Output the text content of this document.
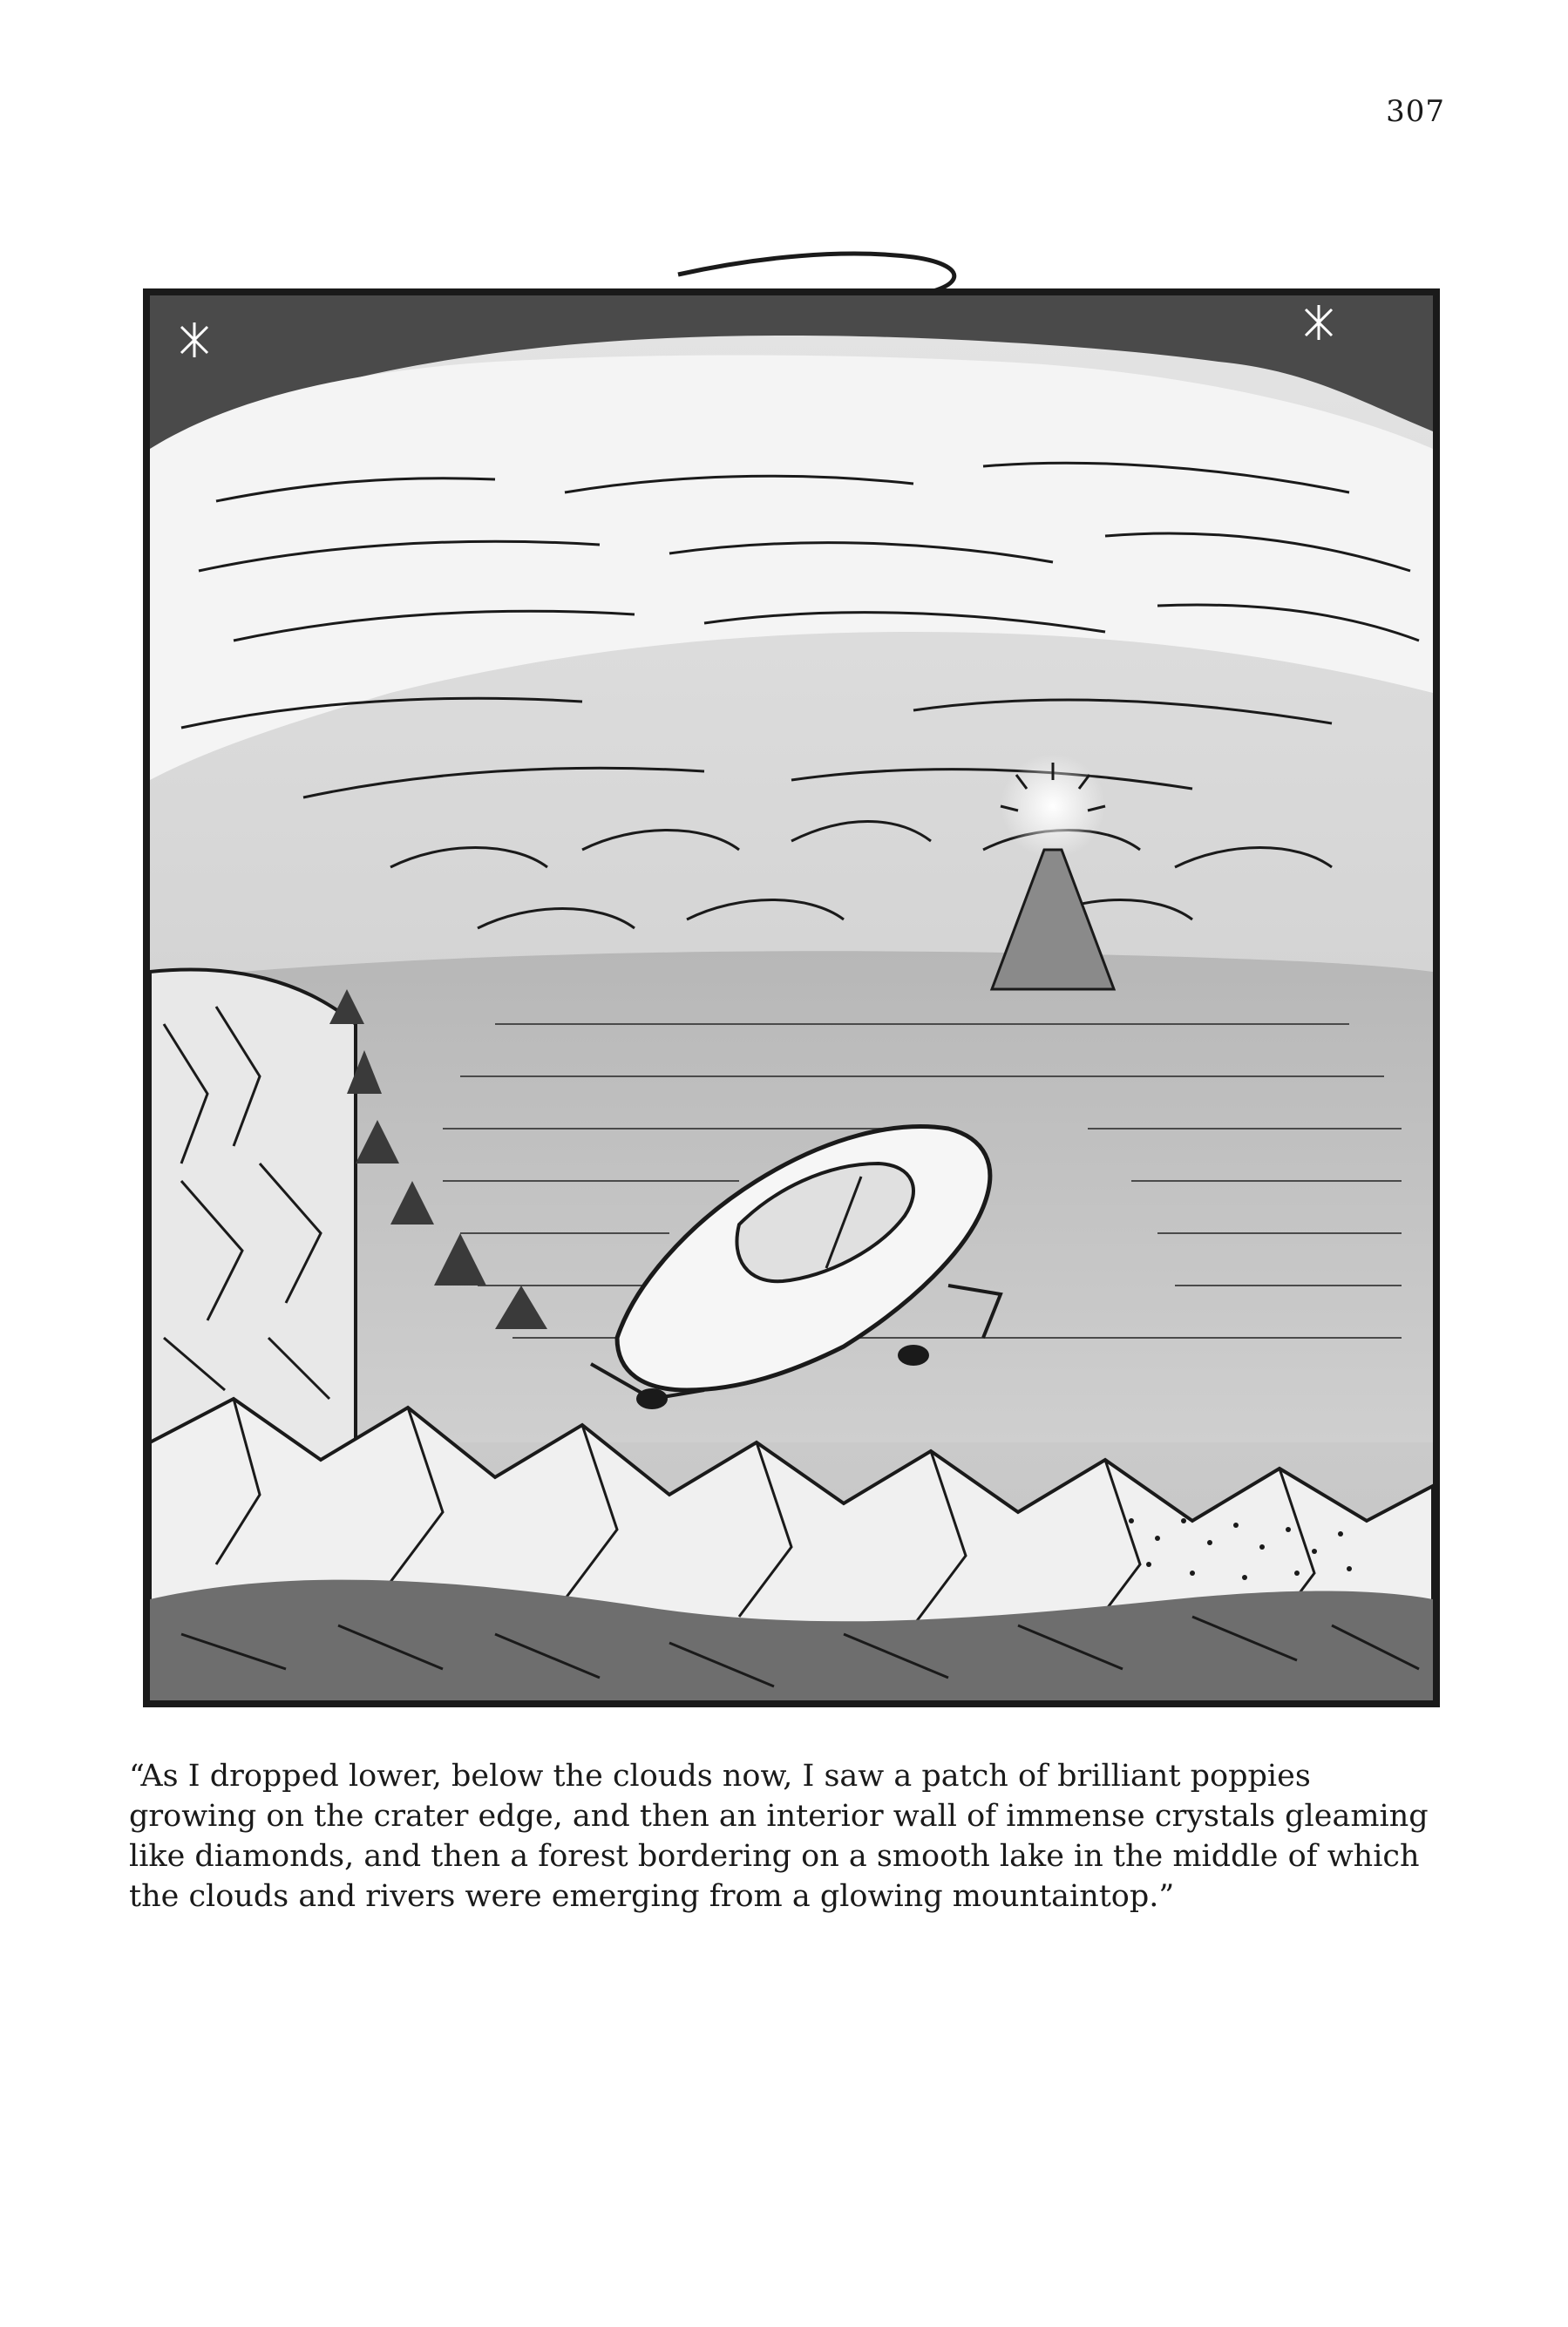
307

“As I dropped lower, below the clouds now, I saw a patch of brilliant poppies growing on the crater edge, and then an interior wall of immense crystals gleaming like diamonds, and then a forest bordering on a smooth lake in the middle of which the clouds and rivers were emerging from a glowing mountaintop.”
